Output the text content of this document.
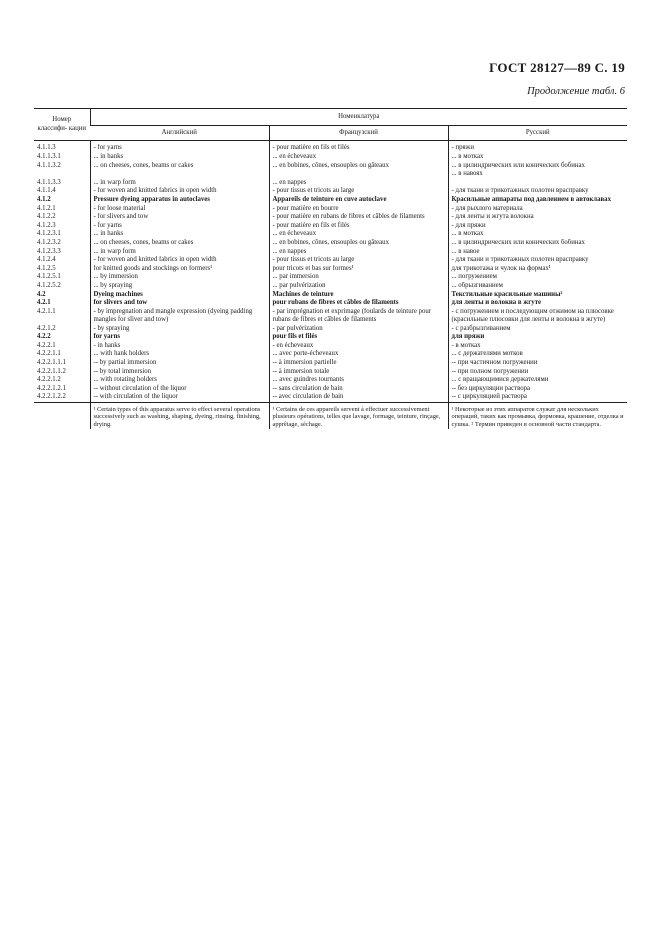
ГОСТ 28127—89 С. 19
Продолжение табл. 6
Номер классифи- кации	Номенклатура		
	Английский	Французский	Русский

4.1.1.3	- for yarns	- pour matière en fils et filés	- пряжи
4.1.1.3.1	... in hanks	... en écheveaux	... в мотках
4.1.1.3.2	... on cheeses, cones, beams or cakes	... en bobines, cônes, ensouples ou gâteaux	... в цилиндрических или конических бобинах
			... в навоях
4.1.1.3.3	... in warp form	... en nappes	
4.1.1.4	- for woven and knitted fabrics in open width	- pour tissus et tricots au large	- для ткани и трикотажных полотен врасправку
4.1.2	Pressure dyeing apparatus in autoclaves	Appareils de teinture en cuve autoclave	Красильные аппараты под давлением в автоклавах
4.1.2.1	- for loose material	- pour matière en bourre	- для рыхлого материала
4.1.2.2	- for slivers and tow	- pour matière en rubans de fibres et câbles de filaments	- для ленты и жгута волокна
4.1.2.3	- for yarns	- pour matière en fils et filés	- для пряжи
4.1.2.3.1	... in hanks	... en écheveaux	... в мотках
4.1.2.3.2	... on cheeses, cones, beams or cakes	... en bobines, cônes, ensouples ou gâteaux	... в цилиндрических или конических бобинах
4.1.2.3.3	... in warp form	... en nappes	... в навое
4.1.2.4	- for woven and knitted fabrics in open width	- pour tissus et tricots au large	- для ткани и трикотажных полотен врасправку
4.1.2.5	for knitted goods and stockings on formers¹	pour tricots et bas sur formes¹	для трикотажа и чулок на формах¹
4.1.2.5.1	... by immersion	... par immersion	... погружением
4.1.2.5.2	... by spraying	... par pulvérization	... обрызгиванием
4.2	Dyeing machines	Machines de teinture	Текстильные красильные машины²
4.2.1	for slivers and tow	pour rubans de fibres et câbles de filaments	для ленты и волокна в жгуте
4.2.1.1	- by impregnation and mangle expression (dyeing padding mangles for sliver and tow)	- par imprégnation et exprimage (foulards de teinture pour rubans de fibres et câbles de filaments	- с погружением и последующим отжимом на плюсовке (красильные плюсовки для ленты и волокна в жгуте)
4.2.1.2	- by spraying	- par pulvérization	- с разбрызгиванием
4.2.2	for yarns	pour fils et filés	для пряжи
4.2.2.1	- in hanks	- en écheveaux	- в мотках
4.2.2.1.1	... with hank holders	... avec porte-écheveaux	... с держателями мотков
4.2.2.1.1.1	-- by partial immersion	-- à immersion partielle	-- при частичном погружении
4.2.2.1.1.2	-- by total immersion	-- à immersion totale	-- при полном погружении
4.2.2.1.2	... with rotating holders	... avec guindres tournants	... с вращающимися держателями
4.2.2.1.2.1	-- without circulation of the liquor	-- sans circulation de bain	-- без циркуляции раствора
4.2.2.1.2.2	-- with circulation of the liquor	-- avec circulation de bain	-- с циркуляцией раствора
	¹ Certain types of this apparatus serve to effect several operations successively such as washing, shaping, dyeing, rinsing, finishing, drying.	¹ Certains de ces appareils servent à effectuer successivement plusieurs opérations, telles que lavage, formage, teinture, rinçage, apprêtage, séchage.	¹ Некоторые из этих аппаратов служат для нескольких операций, таких как промывка, формовка, крашение, отделка и сушка. ² Термин приведен в основной части стандарта.
